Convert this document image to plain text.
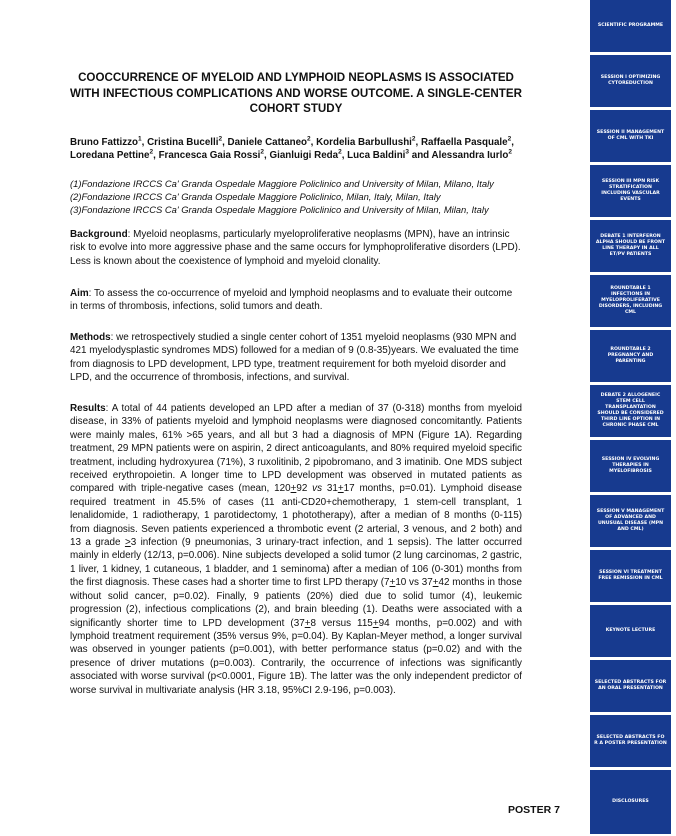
COOCCURRENCE OF MYELOID AND LYMPHOID NEOPLASMS IS ASSOCIATED WITH INFECTIOUS COMPLICATIONS AND WORSE OUTCOME. A SINGLE-CENTER COHORT STUDY
Bruno Fattizzo$^1$, Cristina Bucelli$^2$, Daniele Cattaneo$^2$, Kordelia Barbullushi$^2$, Raffaella Pasquale$^2$, Loredana Pettine$^2$, Francesca Gaia Rossi$^2$, Gianluigi Reda$^2$, Luca Baldini$^3$ and Alessandra Iurlo$^2$
(1)Fondazione IRCCS Ca' Granda Ospedale Maggiore Policlinico and University of Milan, Milano, Italy
(2)Fondazione IRCCS Ca' Granda Ospedale Maggiore Policlinico, Milan, Italy, Milan, Italy
(3)Fondazione IRCCS Ca' Granda Ospedale Maggiore Policlinico and University of Milan, Milan, Italy
Background: Myeloid neoplasms, particularly myeloproliferative neoplasms (MPN), have an intrinsic risk to evolve into more aggressive phase and the same occurs for lymphoproliferative disorders (LPD). Less is known about the coexistence of lymphoid and myeloid clonality.
Aim: To assess the co-occurrence of myeloid and lymphoid neoplasms and to evaluate their outcome in terms of thrombosis, infections, solid tumors and death.
Methods: we retrospectively studied a single center cohort of 1351 myeloid neoplasms (930 MPN and 421 myelodysplastic syndromes MDS) followed for a median of 9 (0.8-35)years. We evaluated the time from diagnosis to LPD development, LPD type, treatment requirement for both myeloid disorder and LPD, and the occurrence of thrombosis, infections, and survival.
Results: A total of 44 patients developed an LPD after a median of 37 (0-318) months from myeloid disease, in 33% of patients myeloid and lymphoid neoplasms were diagnosed concomitantly. Patients were mainly males, 61% >65 years, and all but 3 had a diagnosis of MPN (Figure 1A). Regarding treatment, 29 MPN patients were on aspirin, 2 direct anticoagulants, and 80% required myeloid specific treatment, including hydroxyurea (71%), 3 ruxolitinib, 2 pipobromano, and 3 imatinib. One MDS subject received erythropoietin. A longer time to LPD development was observed in mutated patients as compared with triple-negative cases (mean, 120+92 vs 31+17 months, p=0.01). Lymphoid disease required treatment in 45.5% of cases (11 anti-CD20+chemotherapy, 1 stem-cell transplant, 1 lenalidomide, 1 radiotherapy, 1 parotidectomy, 1 phototherapy), after a median of 8 months (0-115) from diagnosis. Seven patients experienced a thrombotic event (2 arterial, 3 venous, and 2 both) and 13 a grade ≥3 infection (9 pneumonias, 3 urinary-tract infection, and 1 sepsis). The latter occurred mainly in elderly (12/13, p=0.006). Nine subjects developed a solid tumor (2 lung carcinomas, 2 gastric, 1 liver, 1 kidney, 1 cutaneous, 1 bladder, and 1 seminoma) after a median of 106 (0-301) months from the first diagnosis. These cases had a shorter time to first LPD therapy (7+10 vs 37+42 months in those without solid cancer, p=0.02). Finally, 9 patients (20%) died due to solid tumor (4), leukemic progression (2), infectious complications (2), and brain bleeding (1). Deaths were associated with a significantly shorter time to LPD development (37+8 versus 115+94 months, p=0.002) and with lymphoid treatment requirement (35% versus 9%, p=0.04). By Kaplan-Meyer method, a longer survival was observed in younger patients (p=0.001), with better performance status (p=0.02) and with the presence of driver mutations (p=0.003). Contrarily, the occurrence of infections was significantly associated with worse survival (p<0.0001, Figure 1B). The latter was the only independent predictor of worse survival in multivariate analysis (HR 3.18, 95%CI 2.9-196, p=0.003).
POSTER 7
SCIENTIFIC PROGRAMME
SESSION I OPTIMIZING CYTOREDUCTION
SESSION II MANAGEMENT OF CML WITH TKI
SESSION III MPN RISK STRATIFICATION INCLUDING VASCULAR EVENTS
DEBATE 1 INTERFERON ALPHA SHOULD BE FRONT LINE THERAPY IN ALL ET/PV PATIENTS
ROUNDTABLE 1 INFECTIONS IN MYELOPROLIFERATIVE DISORDERS, INCLUDING CML
ROUNDTABLE 2 PREGNANCY AND PARENTING
DEBATE 2 ALLOGENEIC STEM CELL TRANSPLANTATION SHOULD BE CONSIDERED THIRD LINE OPTION IN CHRONIC PHASE CML
SESSION IV EVOLVING THERAPIES IN MYELOFIBROSIS
SESSION V MANAGEMENT OF ADVANCED AND UNUSUAL DISEASE (MPN AND CML)
SESSION VI TREATMENT FREE REMISSION IN CML
KEYNOTE LECTURE
SELECTED ABSTRACTS FOR AN ORAL PRESENTATION
SELECTED ABSTRACTS FO R A POSTER PRESENTATION
DISCLOSURES
